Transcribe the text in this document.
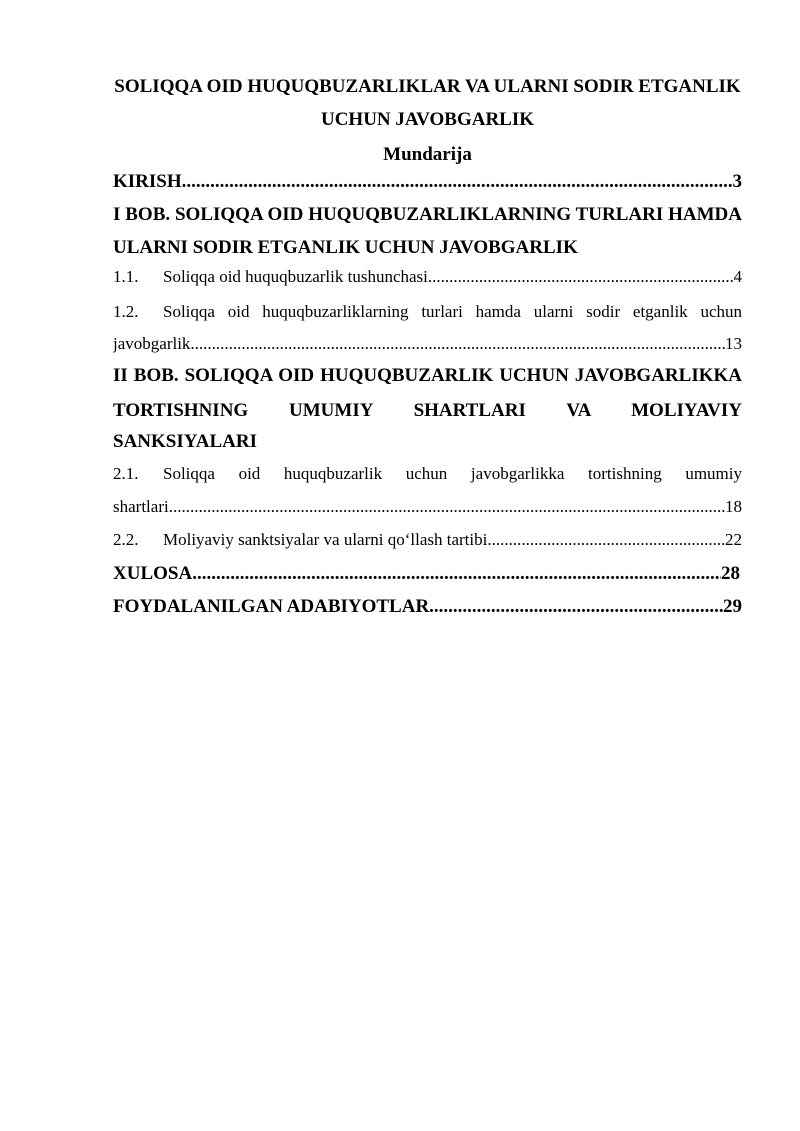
SOLIQQA OID HUQUQBUZARLIKLAR VA ULARNI SODIR ETGANLIK
UCHUN JAVOBGARLIK
Mundarija
KIRISH .....	3
I BOB. SOLIQQA OID HUQUQBUZARLIKLARNING TURLARI HAMDA
ULARNI SODIR ETGANLIK UCHUN JAVOBGARLIK
1.1.	Soliqqa oid huquqbuzarlik tushunchasi .....	4
1.2.	Soliqqa oid huquqbuzarliklarning turlari hamda ularni sodir etganlik uchun
javobgarlik .....	13
II BOB. SOLIQQA OID HUQUQBUZARLIK UCHUN JAVOBGARLIKKA
TORTISHNING UMUMIY SHARTLARI VA MOLIYAVIY
SANKSIYALARI
2.1.	Soliqqa oid huquqbuzarlik uchun javobgarlikka tortishning umumiy
shartlari .....	18
2.2.	Moliyaviy sanktsiyalar va ularni qo‘llash tartibi .....	22
XULOSA .....	28
FOYDALANILGAN ADABIYOTLAR .....	29
